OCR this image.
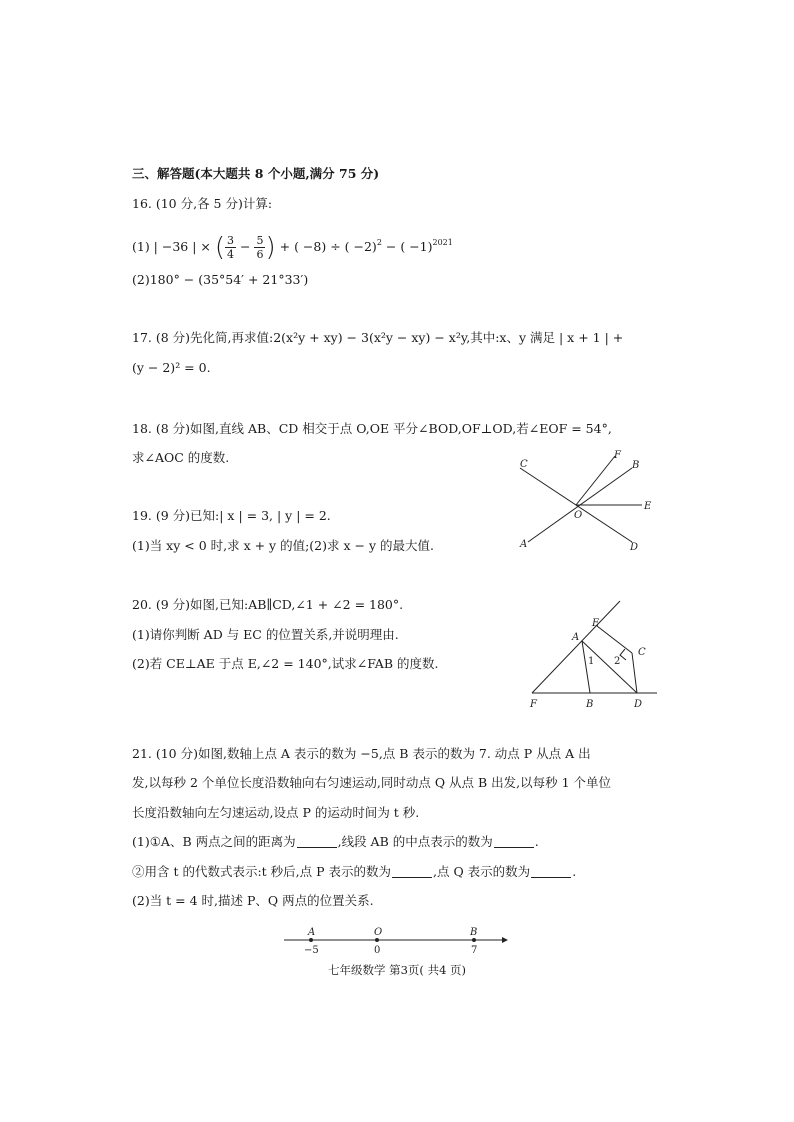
三、解答题(本大题共 8 个小题,满分 75 分)
16. (10 分,各 5 分)计算:
(1) | −36 | × ( $\frac{3}{4} - \frac{5}{6}$ ) + ( −8) ÷ ( −2)$^2$ − ( −1)$^{2021}$
(2)180° − (35°54′ + 21°33′)
17. (8 分)先化简,再求值:2(x²y + xy) − 3(x²y − xy) − x²y,其中:x、y 满足 | x + 1 | +
(y − 2)² = 0.
18. (8 分)如图,直线 AB、CD 相交于点 O,OE 平分∠BOD,OF⊥OD,若∠EOF = 54°,
求∠AOC 的度数.	C
F
B
O
E
A	D
19. (9 分)已知:| x | = 3, | y | = 2.
(1)当 xy < 0 时,求 x + y 的值;(2)求 x − y 的最大值.
20. (9 分)如图,已知:AB∥CD,∠1 + ∠2 = 180°.
(1)请你判断 AD 与 EC 的位置关系,并说明理由.
(2)若 CE⊥AE 于点 E,∠2 = 140°,试求∠FAB 的度数.
E
A
C
F	B	D
1 2
21. (10 分)如图,数轴上点 A 表示的数为 −5,点 B 表示的数为 7. 动点 P 从点 A 出
发,以每秒 2 个单位长度沿数轴向右匀速运动,同时动点 Q 从点 B 出发,以每秒 1 个单位
长度沿数轴向左匀速运动,设点 P 的运动时间为 t 秒.
(1)①A、B 两点之间的距离为	,线段 AB 的中点表示的数为	.
②用含 t 的代数式表示:t 秒后,点 P 表示的数为	,点 Q 表示的数为	.
(2)当 t = 4 时,描述 P、Q 两点的位置关系.
A	O	B
−5	0	7
七年级数学 第3页( 共4 页)
